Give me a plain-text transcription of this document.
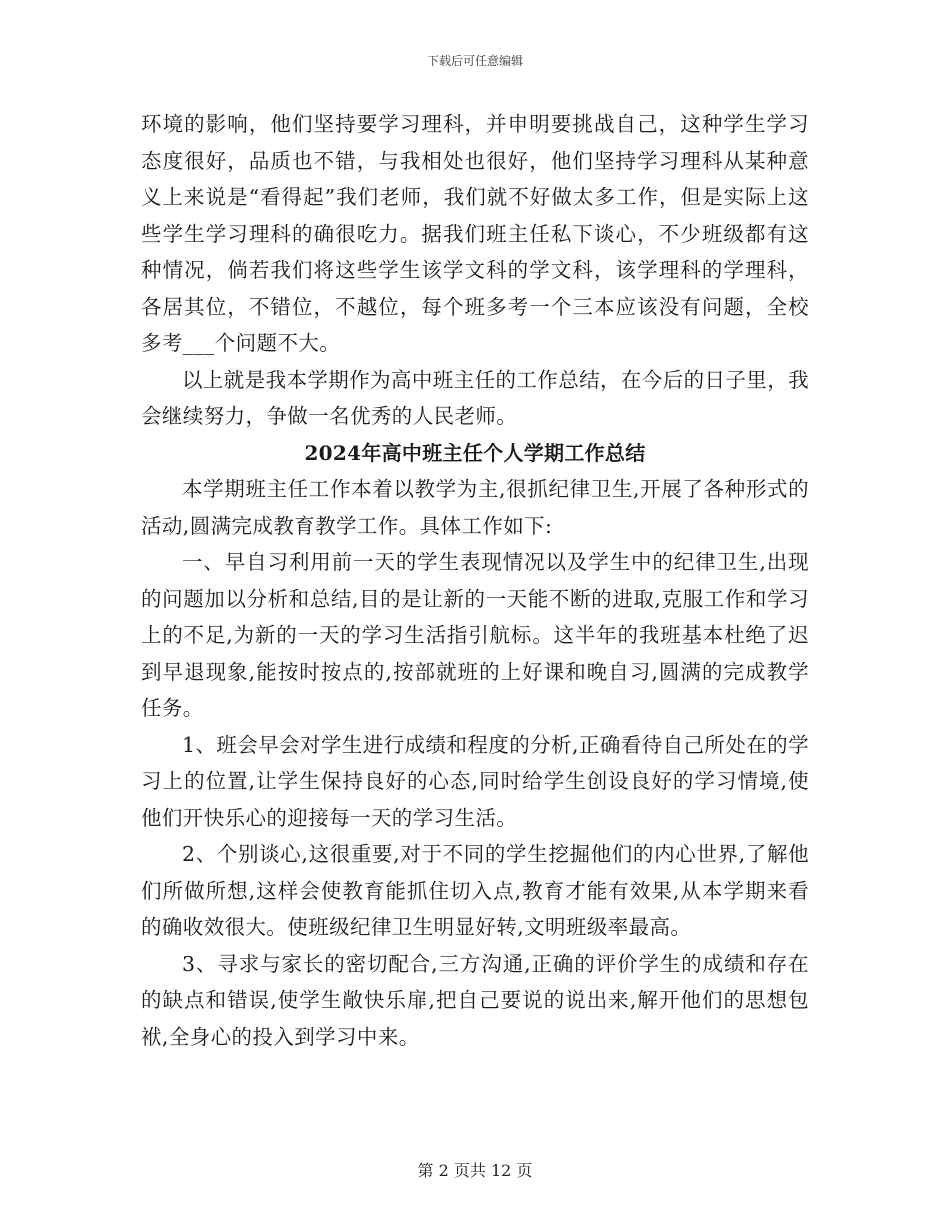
下载后可任意编辑

环境的影响，他们坚持要学习理科，并申明要挑战自己，这种学生学习态度很好，品质也不错，与我相处也很好，他们坚持学习理科从某种意义上来说是“看得起”我们老师，我们就不好做太多工作，但是实际上这些学生学习理科的确很吃力。据我们班主任私下谈心，不少班级都有这种情况，倘若我们将这些学生该学文科的学文科，该学理科的学理科，各居其位，不错位，不越位，每个班多考一个三本应该没有问题，全校多考___个问题不大。

以上就是我本学期作为高中班主任的工作总结，在今后的日子里，我会继续努力，争做一名优秀的人民老师。

2024年高中班主任个人学期工作总结

本学期班主任工作本着以教学为主,很抓纪律卫生,开展了各种形式的活动,圆满完成教育教学工作。具体工作如下:

一、早自习利用前一天的学生表现情况以及学生中的纪律卫生,出现的问题加以分析和总结,目的是让新的一天能不断的进取,克服工作和学习上的不足,为新的一天的学习生活指引航标。这半年的我班基本杜绝了迟到早退现象,能按时按点的,按部就班的上好课和晚自习,圆满的完成教学任务。

1、班会早会对学生进行成绩和程度的分析,正确看待自己所处在的学习上的位置,让学生保持良好的心态,同时给学生创设良好的学习情境,使他们开快乐心的迎接每一天的学习生活。

2、个别谈心,这很重要,对于不同的学生挖掘他们的内心世界,了解他们所做所想,这样会使教育能抓住切入点,教育才能有效果,从本学期来看的确收效很大。使班级纪律卫生明显好转,文明班级率最高。

3、寻求与家长的密切配合,三方沟通,正确的评价学生的成绩和存在的缺点和错误,使学生敞快乐扉,把自己要说的说出来,解开他们的思想包袱,全身心的投入到学习中来。

第 2 页共 12 页
